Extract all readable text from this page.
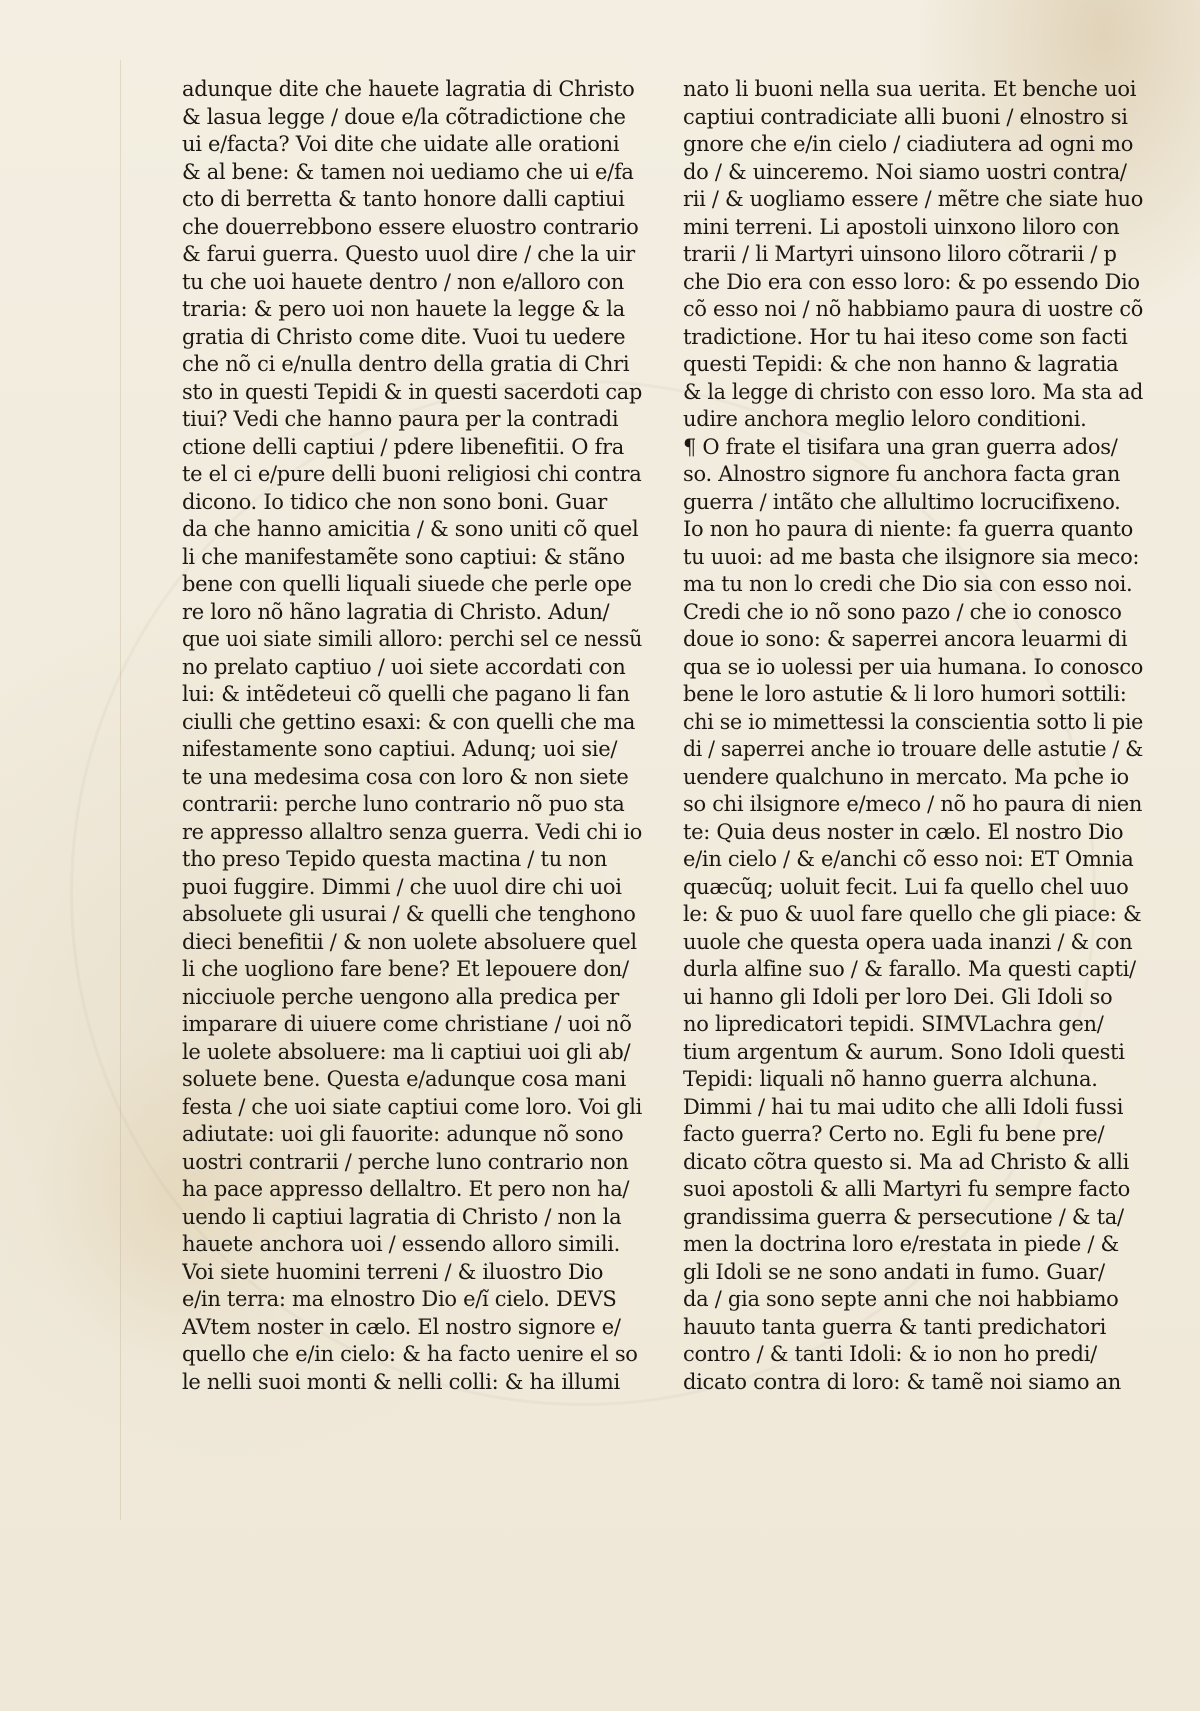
adunque dite che hauete lagratia di Christo
& lasua legge / doue e/la cõtradictione che
ui e/facta? Voi dite che uidate alle orationi
& al bene: & tamen noi uediamo che ui e/fa
cto di berretta & tanto honore dalli captiui
che douerrebbono essere eluostro contrario
& farui guerra. Questo uuol dire / che la uir
tu che uoi hauete dentro / non e/alloro con
traria: & pero uoi non hauete la legge & la
gratia di Christo come dite. Vuoi tu uedere
che nõ ci e/nulla dentro della gratia di Chri
sto in questi Tepidi & in questi sacerdoti cap
tiui? Vedi che hanno paura per la contradi
ctione delli captiui / pdere libenefitii. O fra
te el ci e/pure delli buoni religiosi chi contra
dicono. Io tidico che non sono boni. Guar
da che hanno amicitia / & sono uniti cõ quel
li che manifestamẽte sono captiui: & stãno
bene con quelli liquali siuede che perle ope
re loro nõ hãno lagratia di Christo. Adun/
que uoi siate simili alloro: perchi sel ce nessũ
no prelato captiuo / uoi siete accordati con
lui: & intẽdeteui cõ quelli che pagano li fan
ciulli che gettino esaxi: & con quelli che ma
nifestamente sono captiui. Adunq; uoi sie/
te una medesima cosa con loro & non siete
contrarii: perche luno contrario nõ puo sta
re appresso allaltro senza guerra. Vedi chi io
tho preso Tepido questa mactina / tu non
puoi fuggire. Dimmi / che uuol dire chi uoi
absoluete gli usurai / & quelli che tenghono
dieci benefitii / & non uolete absoluere quel
li che uogliono fare bene? Et lepouere don/
nicciuole perche uengono alla predica per
imparare di uiuere come christiane / uoi nõ
le uolete absoluere: ma li captiui uoi gli ab/
soluete bene. Questa e/adunque cosa mani
festa / che uoi siate captiui come loro. Voi gli
adiutate: uoi gli fauorite: adunque nõ sono
uostri contrarii / perche luno contrario non
ha pace appresso dellaltro. Et pero non ha/
uendo li captiui lagratia di Christo / non la
hauete anchora uoi / essendo alloro simili.
Voi siete huomini terreni / & iluostro Dio
e/in terra: ma elnostro Dio e/ĩ cielo. DEVS
AVtem noster in cælo. El nostro signore e/
quello che e/in cielo: & ha facto uenire el so
le nelli suoi monti & nelli colli: & ha illumi
nato li buoni nella sua uerita. Et benche uoi
captiui contradiciate alli buoni / elnostro si
gnore che e/in cielo / ciadiutera ad ogni mo
do / & uinceremo. Noi siamo uostri contra/
rii / & uogliamo essere / mẽtre che siate huo
mini terreni. Li apostoli uinxono liloro con
trarii / li Martyri uinsono liloro cõtrarii / p
che Dio era con esso loro: & po essendo Dio
cõ esso noi / nõ habbiamo paura di uostre cõ
tradictione. Hor tu hai itesо come son facti
questi Tepidi: & che non hanno & lagratia
& la legge di christo con esso loro. Ma sta ad
udire anchora meglio leloro conditioni.
¶ O frate el tisifara una gran guerra ados/
so. Alnostro signore fu anchora facta gran
guerra / intãto che allultimo locrucifixeno.
Io non ho paura di niente: fa guerra quanto
tu uuoi: ad me basta che ilsignore sia meco:
ma tu non lo credi che Dio sia con esso noi.
Credi che io nõ sono pazo / che io conosco
doue io sono: & saperrei ancora leuarmi di
qua se io uolessi per uia humana. Io conosco
bene le loro astutie & li loro humori sottili:
chi se io mimettessi la conscientia sotto li pie
di / saperrei anche io trouare delle astutie / &
uendere qualchuno in mercato. Ma pche io
so chi ilsignore e/meco / nõ ho paura di nien
te: Quia deus noster in cælo. El nostro Dio
e/in cielo / & e/anchi cõ esso noi: ET Omnia
quæcũq; uoluit fecit. Lui fa quello chel uuo
le: & puo & uuol fare quello che gli piace: &
uuole che questa opera uada inanzi / & con
durla alfine suo / & farallo. Ma questi capti/
ui hanno gli Idoli per loro Dei. Gli Idoli so
no lipredicatori tepidi. SIMVLachra gen/
tium argentum & aurum. Sono Idoli questi
Tepidi: liquali nõ hanno guerra alchuna.
Dimmi / hai tu mai udito che alli Idoli fussi
facto guerra? Certo no. Egli fu bene pre/
dicato cõtra questo si. Ma ad Christo & alli
suoi apostoli & alli Martyri fu sempre facto
grandissima guerra & persecutione / & ta/
men la doctrina loro e/restata in piede / &
gli Idoli se ne sono andati in fumo. Guar/
da / gia sono septe anni che noi habbiamo
hauuto tanta guerra & tanti predichatori
contro / & tanti Idoli: & io non ho predi/
dicato contra di loro: & tamẽ noi siamo an
